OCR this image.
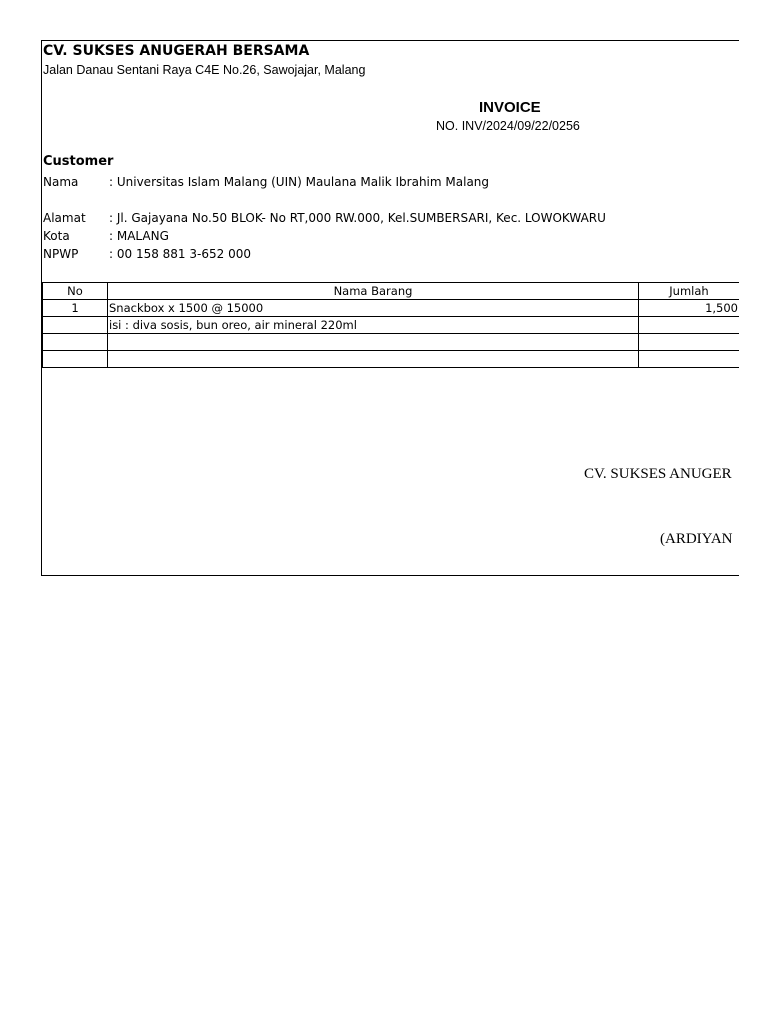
CV. SUKSES ANUGERAH BERSAMA
Jalan Danau Sentani Raya C4E No.26, Sawojajar, Malang
INVOICE
NO. INV/2024/09/22/0256
Customer
Nama	: Universitas Islam Malang (UIN) Maulana Malik Ibrahim Malang
Alamat : Jl. Gajayana No.50 BLOK- No RT,000 RW.000, Kel.SUMBERSARI, Kec. LOWOKWARU
Kota	: MALANG
NPWP	: 00 158 881 3-652 000
No	Nama Barang	Jumlah
1	Snackbox x 1500 @ 15000	1,500
	isi : diva sosis, bun oreo, air mineral 220ml	

CV. SUKSES ANUGER
(ARDIYAN
